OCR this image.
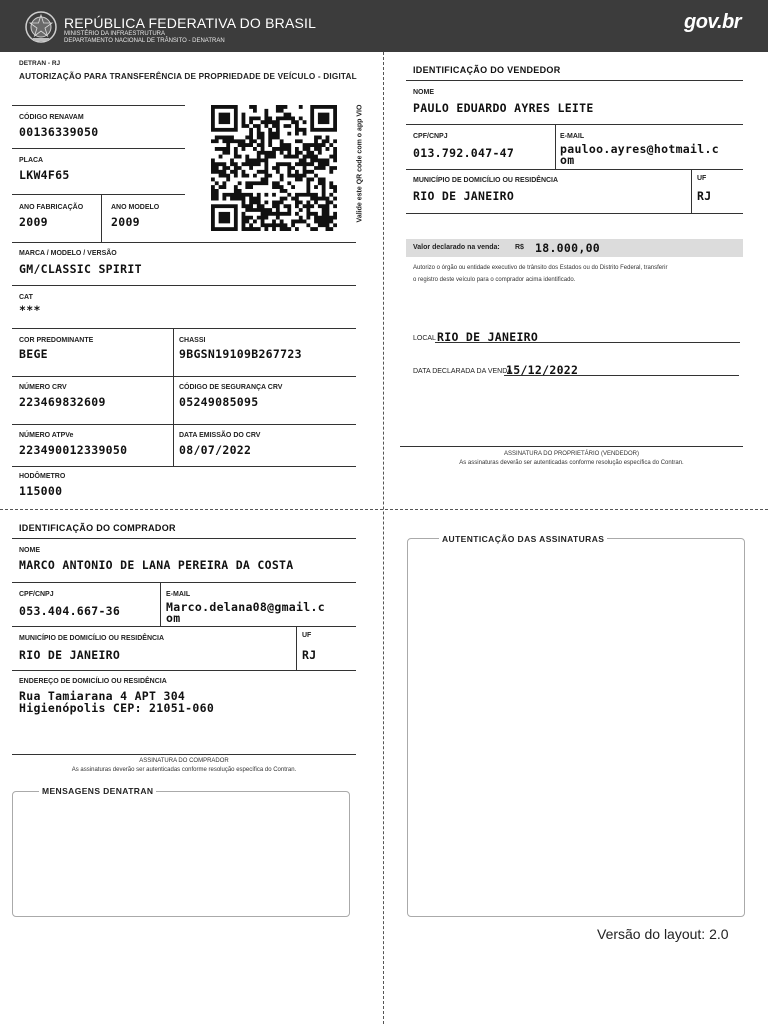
REPÚBLICA FEDERATIVA DO BRASIL
MINISTÉRIO DA INFRAESTRUTURA
DEPARTAMENTO NACIONAL DE TRÂNSITO - DENATRAN
gov.br
DETRAN - RJ
AUTORIZAÇÃO PARA TRANSFERÊNCIA DE PROPRIEDADE DE VEÍCULO - DIGITAL
CÓDIGO RENAVAM
00136339050
PLACA
LKW4F65
ANO FABRICAÇÃO
2009
ANO MODELO
2009	Valide este QR code com o app VIO
MARCA / MODELO / VERSÃO
GM/CLASSIC SPIRIT
CAT
***
COR PREDOMINANTE
BEGE
CHASSI
9BGSN19109B267723
NÚMERO CRV
223469832609
CÓDIGO DE SEGURANÇA CRV
05249085095
NÚMERO ATPVe
223490012339050
DATA EMISSÃO DO CRV
08/07/2022
HODÔMETRO
115000
IDENTIFICAÇÃO DO VENDEDOR
NOME
PAULO EDUARDO AYRES LEITE
CPF/CNPJ
013.792.047-47
E-MAIL
pauloo.ayres@hotmail.c
om
MUNICÍPIO DE DOMICÍLIO OU RESIDÊNCIA
RIO DE JANEIRO
UF
RJ
Valor declarado na venda: R$ 18.000,00
Autorizo o órgão ou entidade executivo de trânsito dos Estados ou do Distrito Federal, transferir
o registro deste veículo para o comprador acima identificado.
LOCAL RIO DE JANEIRO
DATA DECLARADA DA VENDA
15/12/2022
ASSINATURA DO PROPRIETÁRIO (VENDEDOR)
As assinaturas deverão ser autenticadas conforme resolução específica do Contran.
IDENTIFICAÇÃO DO COMPRADOR
NOME
MARCO ANTONIO DE LANA PEREIRA DA COSTA
CPF/CNPJ
053.404.667-36
E-MAIL
Marco.delana08@gmail.c
om
MUNICÍPIO DE DOMICÍLIO OU RESIDÊNCIA
RIO DE JANEIRO
UF
RJ
ENDEREÇO DE DOMICÍLIO OU RESIDÊNCIA
Rua Tamiarana 4 APT 304
Higienópolis CEP: 21051-060
ASSINATURA DO COMPRADOR
As assinaturas deverão ser autenticadas conforme resolução específica do Contran.
MENSAGENS DENATRAN
AUTENTICAÇÃO DAS ASSINATURAS
Versão do layout: 2.0
